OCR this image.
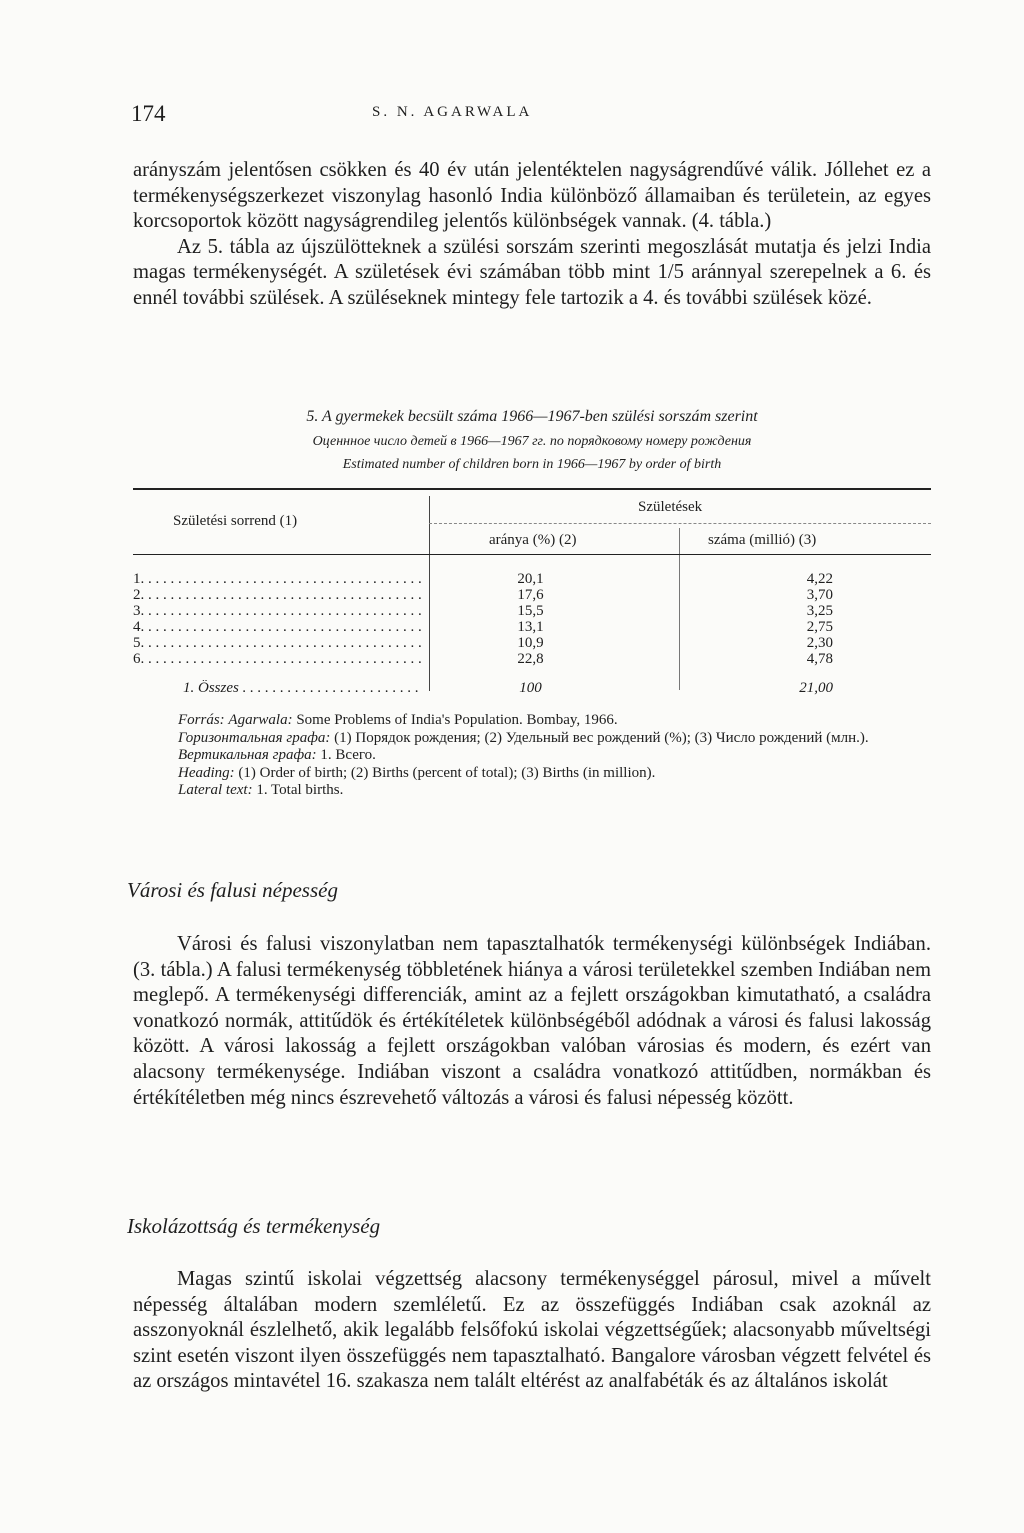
174	S. N. AGARWALA

arányszám jelentősen csökken és 40 év után jelentéktelen nagyságrendűvé válik. Jóllehet ez a termékenységszerkezet viszonylag hasonló India különböző államaiban és területein, az egyes korcsoportok között nagyságrendileg jelentős különbségek vannak. (4. tábla.)

Az 5. tábla az újszülötteknek a szülési sorszám szerinti megoszlását mutatja és jelzi India magas termékenységét. A születések évi számában több mint 1/5 aránnyal szerepelnek a 6. és ennél további szülések. A szüléseknek mintegy fele tartozik a 4. és további szülések közé.

5. A gyermekek becsült száma 1966—1967-ben szülési sorszám szerint
Оценнное число детей в 1966—1967 гг. по порядковому номеру рождения
Estimated number of children born in 1966—1967 by order of birth
Születési sorrend (1)
Születések
aránya (%) (2)	száma (millió) (3)
1. . . .	20,1	4,22
2. . . .	17,6	3,70
3. . . .	15,5	3,25
4. . . .	13,1	2,75
5. . . .	10,9	2,30
6. . . .	22,8	4,78
1. Összes . . .	100	21,00

Forrás: Agarwala: Some Problems of India's Population. Bombay, 1966.

Горизонтальная графа: (1) Порядок рождения; (2) Удельный вес рождений (%); (3) Число рождений (млн.).

Вертикальная графа: 1. Всего.

Heading: (1) Order of birth; (2) Births (percent of total); (3) Births (in million).

Lateral text: 1. Total births.

Városi és falusi népesség

Városi és falusi viszonylatban nem tapasztalhatók termékenységi különbségek Indiában. (3. tábla.) A falusi termékenység többletének hiánya a városi területekkel szemben Indiában nem meglepő. A termékenységi differenciák, amint az a fejlett országokban kimutatható, a családra vonatkozó normák, attitűdök és értékítéletek különbségéből adódnak a városi és falusi lakosság között. A városi lakosság a fejlett országokban valóban városias és modern, és ezért van alacsony termékenysége. Indiában viszont a családra vonatkozó attitűdben, normákban és értékítéletben még nincs észrevehető változás a városi és falusi népesség között.

Iskolázottság és termékenység

Magas szintű iskolai végzettség alacsony termékenységgel párosul, mivel a művelt népesség általában modern szemléletű. Ez az összefüggés Indiában csak azoknál az asszonyoknál észlelhető, akik legalább felsőfokú iskolai végzettségűek; alacsonyabb műveltségi szint esetén viszont ilyen összefüggés nem tapasztalható. Bangalore városban végzett felvétel és az országos mintavétel 16. szakasza nem talált eltérést az analfabéták és az általános iskolát
